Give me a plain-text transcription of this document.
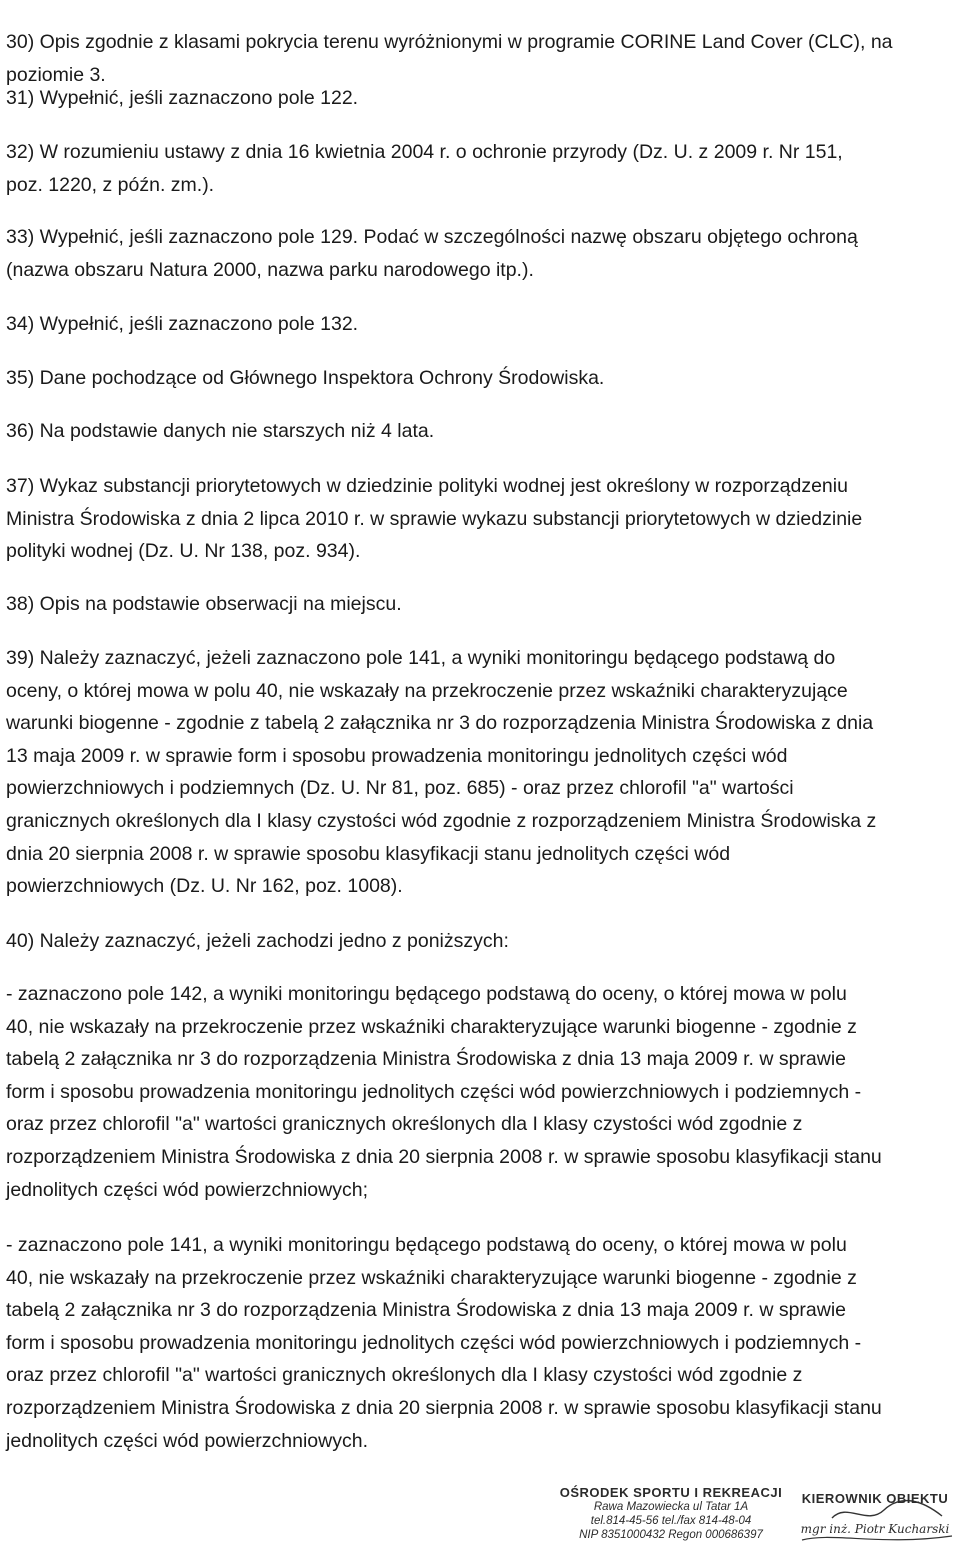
30) Opis zgodnie z klasami pokrycia terenu wyróżnionymi w programie CORINE Land Cover (CLC), na
poziomie 3.
31) Wypełnić, jeśli zaznaczono pole 122.
32) W rozumieniu ustawy z dnia 16 kwietnia 2004 r. o ochronie przyrody (Dz. U. z 2009 r. Nr 151,
poz. 1220, z późn. zm.).
33) Wypełnić, jeśli zaznaczono pole 129. Podać w szczególności nazwę obszaru objętego ochroną
(nazwa obszaru Natura 2000, nazwa parku narodowego itp.).
34) Wypełnić, jeśli zaznaczono pole 132.
35) Dane pochodzące od Głównego Inspektora Ochrony Środowiska.
36) Na podstawie danych nie starszych niż 4 lata.
37) Wykaz substancji priorytetowych w dziedzinie polityki wodnej jest określony w rozporządzeniu
Ministra Środowiska z dnia 2 lipca 2010 r. w sprawie wykazu substancji priorytetowych w dziedzinie
polityki wodnej (Dz. U. Nr 138, poz. 934).
38) Opis na podstawie obserwacji na miejscu.
39) Należy zaznaczyć, jeżeli zaznaczono pole 141, a wyniki monitoringu będącego podstawą do
oceny, o której mowa w polu 40, nie wskazały na przekroczenie przez wskaźniki charakteryzujące
warunki biogenne - zgodnie z tabelą 2 załącznika nr 3 do rozporządzenia Ministra Środowiska z dnia
13 maja 2009 r. w sprawie form i sposobu prowadzenia monitoringu jednolitych części wód
powierzchniowych i podziemnych (Dz. U. Nr 81, poz. 685) - oraz przez chlorofil "a" wartości
granicznych określonych dla I klasy czystości wód zgodnie z rozporządzeniem Ministra Środowiska z
dnia 20 sierpnia 2008 r. w sprawie sposobu klasyfikacji stanu jednolitych części wód
powierzchniowych (Dz. U. Nr 162, poz. 1008).
40) Należy zaznaczyć, jeżeli zachodzi jedno z poniższych:
- zaznaczono pole 142, a wyniki monitoringu będącego podstawą do oceny, o której mowa w polu
40, nie wskazały na przekroczenie przez wskaźniki charakteryzujące warunki biogenne - zgodnie z
tabelą 2 załącznika nr 3 do rozporządzenia Ministra Środowiska z dnia 13 maja 2009 r. w sprawie
form i sposobu prowadzenia monitoringu jednolitych części wód powierzchniowych i podziemnych -
oraz przez chlorofil "a" wartości granicznych określonych dla I klasy czystości wód zgodnie z
rozporządzeniem Ministra Środowiska z dnia 20 sierpnia 2008 r. w sprawie sposobu klasyfikacji stanu
jednolitych części wód powierzchniowych;
- zaznaczono pole 141, a wyniki monitoringu będącego podstawą do oceny, o której mowa w polu
40, nie wskazały na przekroczenie przez wskaźniki charakteryzujące warunki biogenne - zgodnie z
tabelą 2 załącznika nr 3 do rozporządzenia Ministra Środowiska z dnia 13 maja 2009 r. w sprawie
form i sposobu prowadzenia monitoringu jednolitych części wód powierzchniowych i podziemnych -
oraz przez chlorofil "a" wartości granicznych określonych dla I klasy czystości wód zgodnie z
rozporządzeniem Ministra Środowiska z dnia 20 sierpnia 2008 r. w sprawie sposobu klasyfikacji stanu
jednolitych części wód powierzchniowych.
OŚRODEK SPORTU I REKREACJI
Rawa Mazowiecka ul Tatar 1A
tel.814-45-56 tel./fax 814-48-04
NIP 8351000432 Regon 000686397
KIEROWNIK OBIEKTU
mgr inż. Piotr Kucharski
